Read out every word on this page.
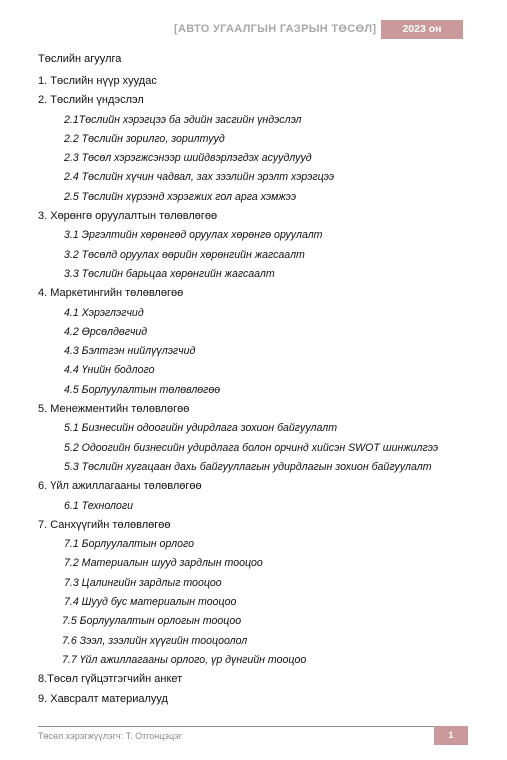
[АВТО УГААЛГЫН ГАЗРЫН ТӨСӨЛ]	2023 он
Төслийн агуулга
1. Төслийн нүүр хуудас
2. Төслийн үндэслэл
2.1Төслийн хэрэгцээ ба эдийн засгийн үндэслэл
2.2 Төслийн зорилго, зорилтууд
2.3 Төсөл хэрэгжсэнээр шийдвэрлэгдэх асуудлууд
2.4 Төслийн хүчин чадвал, зах зээлийн эрэлт хэрэгцээ
2.5 Төслийн хүрээнд хэрэгжих гол арга хэмжээ
3. Хөрөнгө оруулалтын төлөвлөгөө
3.1 Эргэлтийн хөрөнгөд оруулах хөрөнгө оруулалт
3.2 Төсөлд оруулах өөрийн хөрөнгийн жагсаалт
3.3 Төслийн барьцаа хөрөнгийн жагсаалт
4. Маркетингийн төлөвлөгөө
4.1 Хэрэглэгчид
4.2 Өрсөлдөгчид
4.3 Бэлтгэн нийлүүлэгчид
4.4 Үнийн бодлого
4.5 Борлуулалтын төлөвлөгөө
5. Менежментийн төлөвлөгөө
5.1 Бизнесийн одоогийн удирдлага зохион байгуулалт
5.2 Одоогийн бизнесийн удирдлага болон орчинд хийсэн SWOT шинжилгээ
5.3 Төслийн хугацаан дахь байгууллагын удирдлагын зохион байгуулалт
6. Үйл ажиллагааны төлөвлөгөө
6.1 Технологи
7. Санхүүгийн төлөвлөгөө
7.1 Борлуулалтын орлого
7.2 Материалын шууд зардлын тооцоо
7.3 Цалингийн зардлыг тооцоо
7.4 Шууд бус материалын тооцоо
7.5 Борлуулалтын орлогын тооцоо
7.6 Зээл, зээлийн хүүгийн тооцоолол
7.7 Үйл ажиллагааны орлого, үр дүнгийн тооцоо
8.Төсөл гүйцэтгэгчийн анкет
9. Хавсралт материалууд
Төсөл хэрэгжүүлэгч: Т. Отгонцэцэг	1
